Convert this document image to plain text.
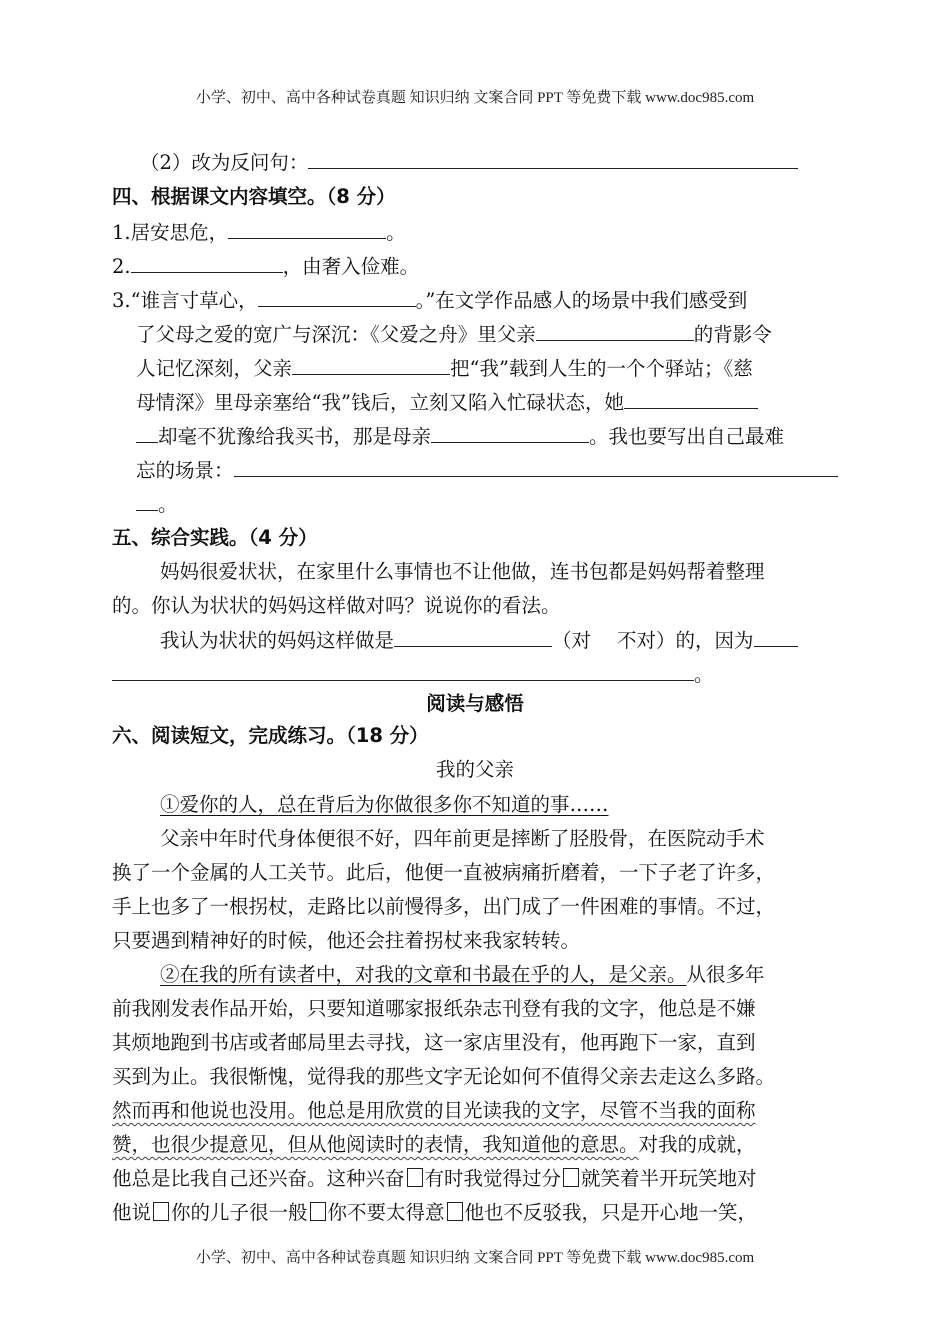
小学、初中、高中各种试卷真题 知识归纳 文案合同 PPT 等免费下载 www.doc985.com
（2）改为反问句：
四、根据课文内容填空。（8 分）
1.居安思危，	。
2.	，由奢入俭难。
3.“谁言寸草心，	。”在文学作品感人的场景中我们感受到
了父母之爱的宽广与深沉：《父爱之舟》里父亲	的背影令
人记忆深刻，父亲	把“我”载到人生的一个个驿站；《慈
母情深》里母亲塞给“我”钱后，立刻又陷入忙碌状态，她
却毫不犹豫给我买书，那是母亲	。我也要写出自己最难
忘的场景：
。
五、综合实践。（4 分）
妈妈很爱状状，在家里什么事情也不让他做，连书包都是妈妈帮着整理
的。你认为状状的妈妈这样做对吗？说说你的看法。
我认为状状的妈妈这样做是	（对 不对）的，因为
。
阅读与感悟
六、阅读短文，完成练习。（18 分）
我的父亲
①爱你的人，总在背后为你做很多你不知道的事……
父亲中年时代身体便很不好，四年前更是摔断了胫股骨，在医院动手术
换了一个金属的人工关节。此后，他便一直被病痛折磨着，一下子老了许多，
手上也多了一根拐杖，走路比以前慢得多，出门成了一件困难的事情。不过，
只要遇到精神好的时候，他还会拄着拐杖来我家转转。
②在我的所有读者中，对我的文章和书最在乎的人，是父亲。从很多年
前我刚发表作品开始，只要知道哪家报纸杂志刊登有我的文字，他总是不嫌
其烦地跑到书店或者邮局里去寻找，这一家店里没有，他再跑下一家，直到
买到为止。我很惭愧，觉得我的那些文字无论如何不值得父亲去走这么多路。
然而再和他说也没用。他总是用欣赏的目光读我的文字，尽管不当我的面称
赞，也很少提意见，但从他阅读时的表情，我知道他的意思。对我的成就，
他总是比我自己还兴奋。这种兴奋 有时我觉得过分 就笑着半开玩笑地对
他说 你的儿子很一般 你不要太得意 他也不反驳我，只是开心地一笑，
小学、初中、高中各种试卷真题 知识归纳 文案合同 PPT 等免费下载 www.doc985.com
